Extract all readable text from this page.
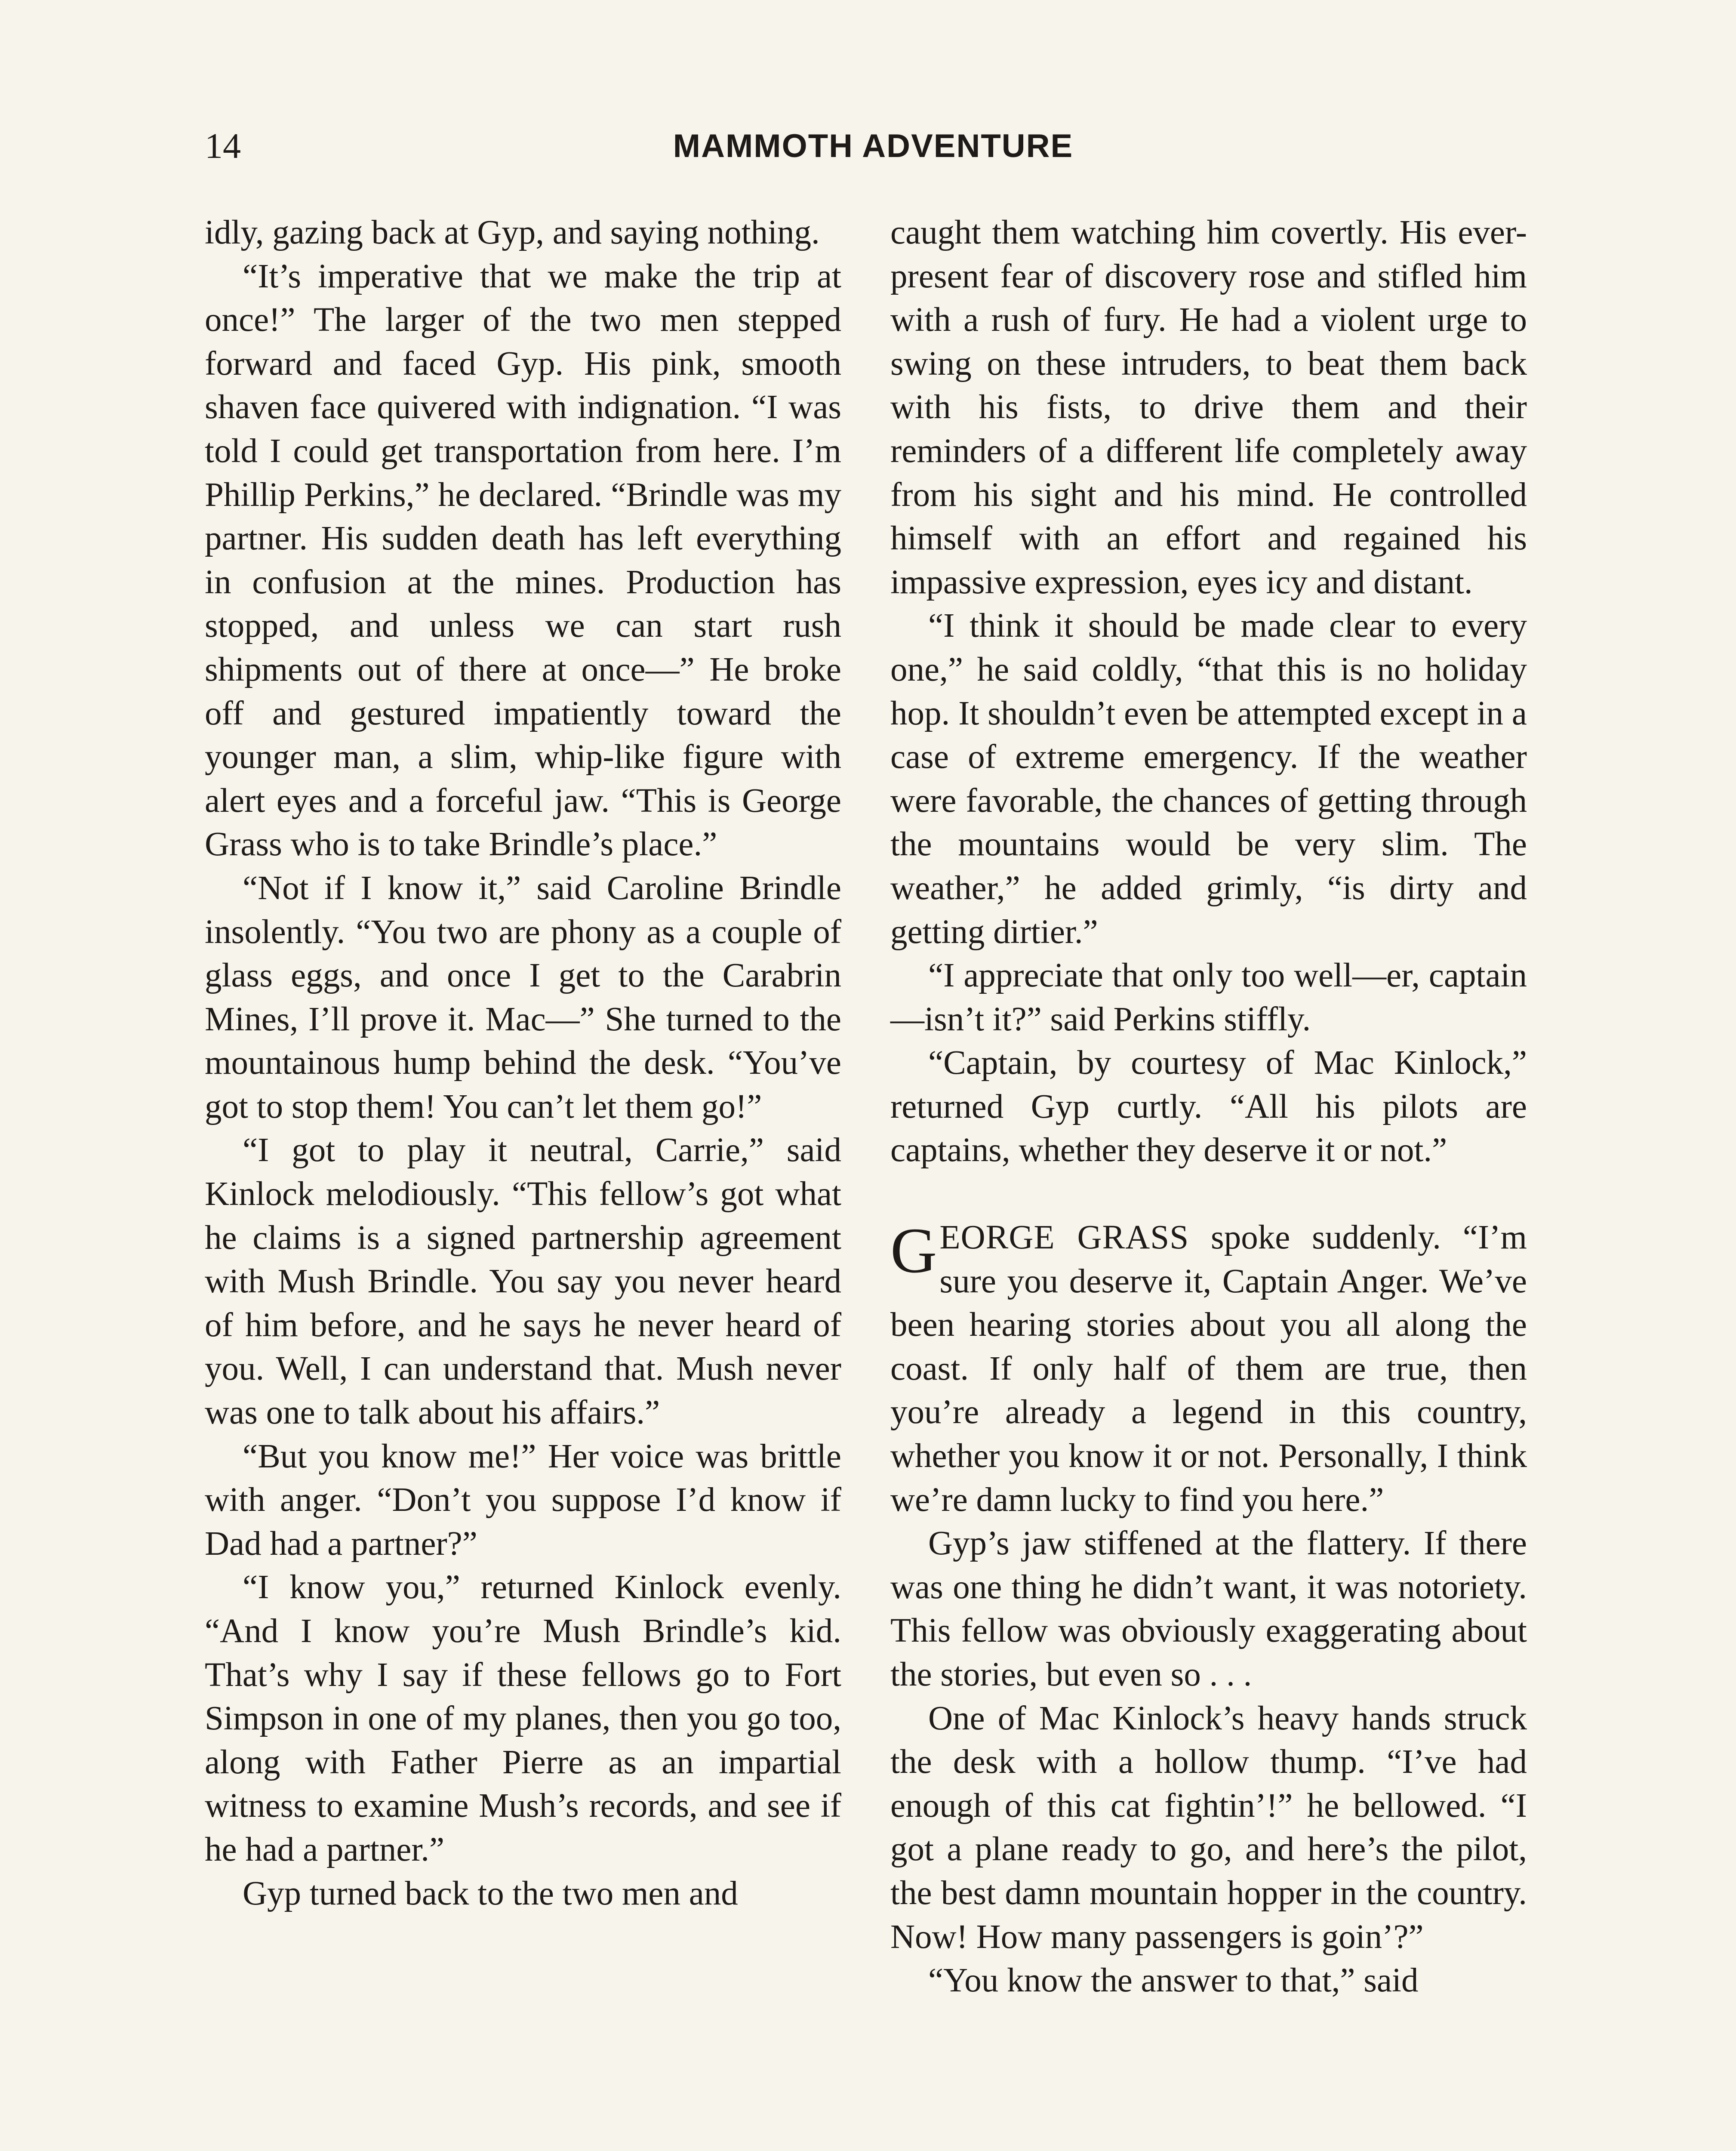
14	MAMMOTH ADVENTURE

idly, gazing back at Gyp, and saying nothing.

“It’s imperative that we make the trip at once!” The larger of the two men stepped forward and faced Gyp. His pink, smooth shaven face quivered with indignation. “I was told I could get transportation from here. I’m Phillip Perkins,” he declared. “Brindle was my partner. His sudden death has left everything in confusion at the mines. Production has stopped, and unless we can start rush shipments out of there at once—” He broke off and gestured impatiently toward the younger man, a slim, whip-like figure with alert eyes and a forceful jaw. “This is George Grass who is to take Brindle’s place.”

“Not if I know it,” said Caroline Brindle insolently. “You two are phony as a couple of glass eggs, and once I get to the Carabrin Mines, I’ll prove it. Mac—” She turned to the mountainous hump behind the desk. “You’ve got to stop them! You can’t let them go!”

“I got to play it neutral, Carrie,” said Kinlock melodiously. “This fellow’s got what he claims is a signed partnership agreement with Mush Brindle. You say you never heard of him before, and he says he never heard of you. Well, I can understand that. Mush never was one to talk about his affairs.”

“But you know me!” Her voice was brittle with anger. “Don’t you suppose I’d know if Dad had a partner?”

“I know you,” returned Kinlock evenly. “And I know you’re Mush Brindle’s kid. That’s why I say if these fellows go to Fort Simpson in one of my planes, then you go too, along with Father Pierre as an impartial witness to examine Mush’s records, and see if he had a partner.”

Gyp turned back to the two men and

caught them watching him covertly. His ever-present fear of discovery rose and stifled him with a rush of fury. He had a violent urge to swing on these intruders, to beat them back with his fists, to drive them and their reminders of a different life completely away from his sight and his mind. He controlled himself with an effort and regained his impassive expression, eyes icy and distant.

“I think it should be made clear to every one,” he said coldly, “that this is no holiday hop. It shouldn’t even be attempted except in a case of extreme emergency. If the weather were favorable, the chances of getting through the mountains would be very slim. The weather,” he added grimly, “is dirty and getting dirtier.”

“I appreciate that only too well—er, captain—isn’t it?” said Perkins stiffly.

“Captain, by courtesy of Mac Kinlock,” returned Gyp curtly. “All his pilots are captains, whether they deserve it or not.”

GEORGE GRASS spoke suddenly. “I’m sure you deserve it, Captain Anger. We’ve been hearing stories about you all along the coast. If only half of them are true, then you’re already a legend in this country, whether you know it or not. Personally, I think we’re damn lucky to find you here.”

Gyp’s jaw stiffened at the flattery. If there was one thing he didn’t want, it was notoriety. This fellow was obviously exaggerating about the stories, but even so . . .

One of Mac Kinlock’s heavy hands struck the desk with a hollow thump. “I’ve had enough of this cat fightin’!” he bellowed. “I got a plane ready to go, and here’s the pilot, the best damn mountain hopper in the country. Now! How many passengers is goin’?”

“You know the answer to that,” said
